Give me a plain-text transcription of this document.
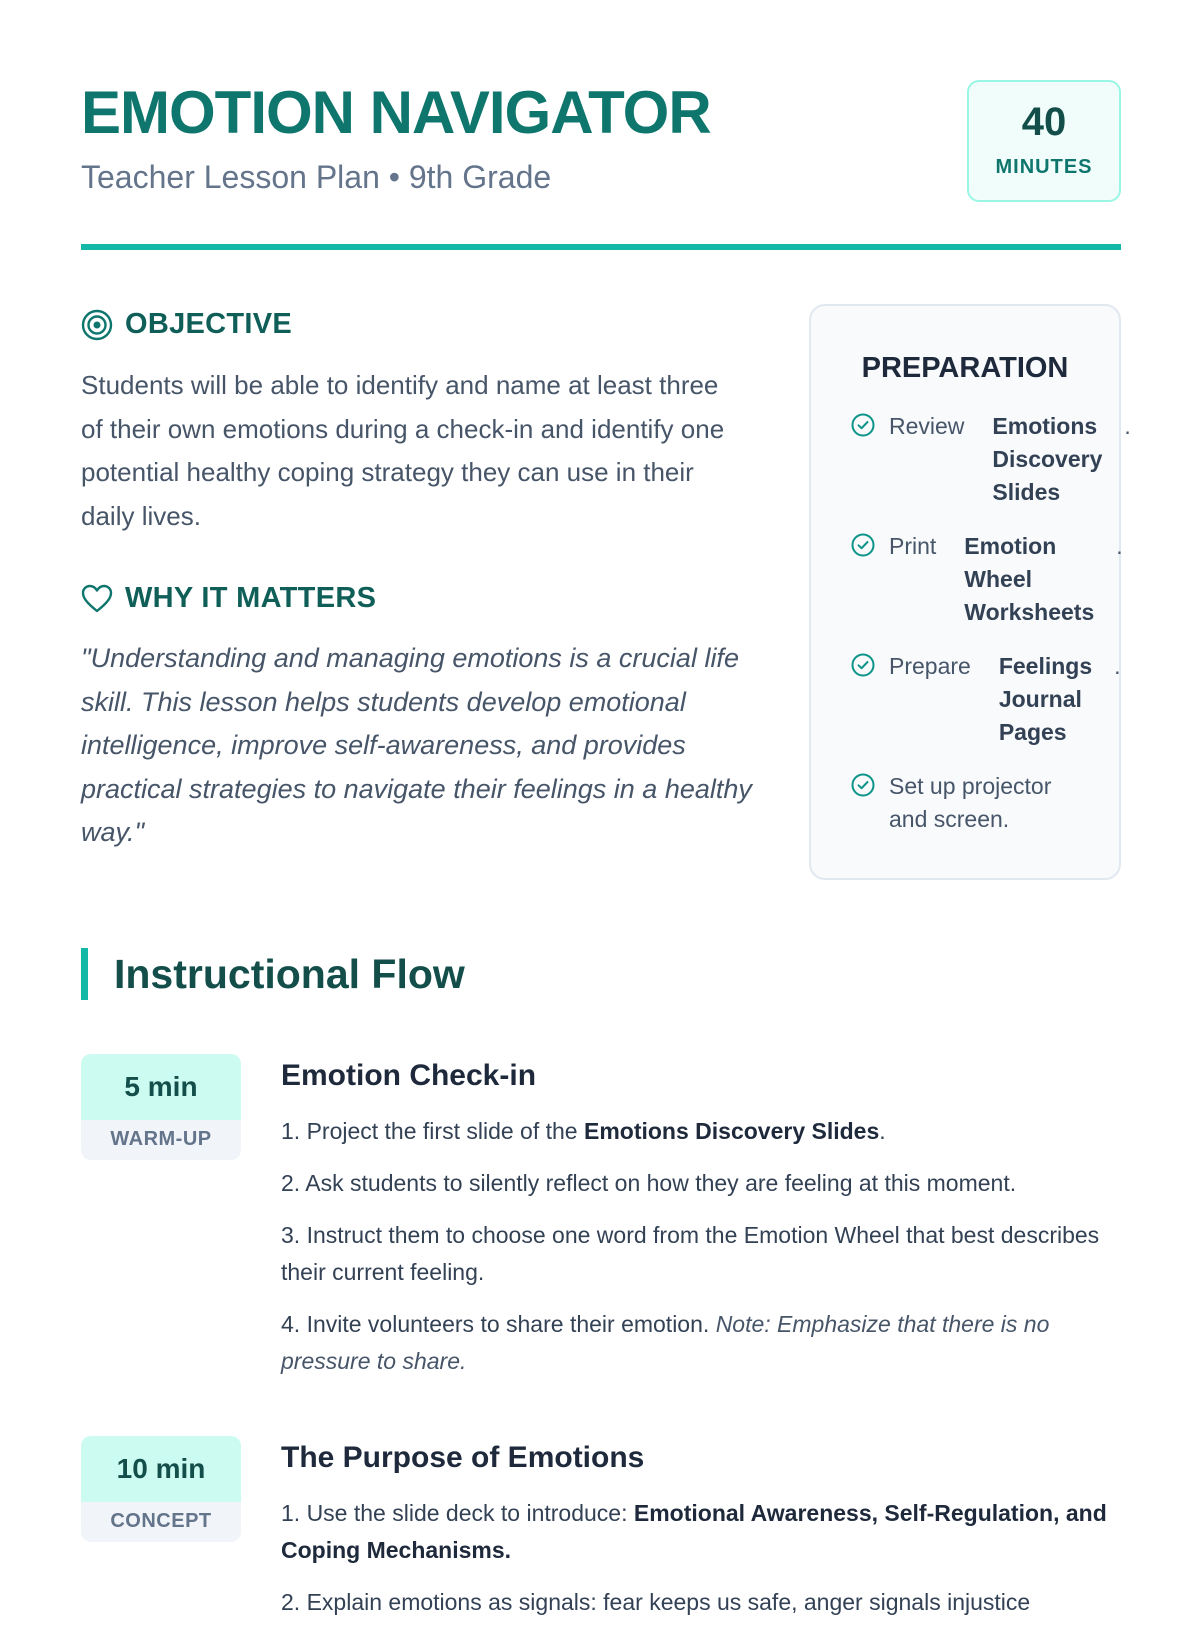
EMOTION NAVIGATOR
Teacher Lesson Plan • 9th Grade
40
MINUTES
OBJECTIVE

Students will be able to identify and name at least three of their own emotions during a check-in and identify one potential healthy coping strategy they can use in their daily lives.

WHY IT MATTERS

"Understanding and managing emotions is a crucial life skill. This lesson helps students develop emotional intelligence, improve self-awareness, and provides practical strategies to navigate their feelings in a healthy way."

PREPARATION
Review Emotions Discovery Slides
.
Print Emotion Wheel Worksheets
.
Prepare Feelings Journal Pages
.
Set up projector and screen.
Instructional Flow
5 min
WARM-UP
Emotion Check-in
1. Project the first slide of the Emotions Discovery Slides.
2. Ask students to silently reflect on how they are feeling at this moment.
3. Instruct them to choose one word from the Emotion Wheel that best describes their current feeling.
4. Invite volunteers to share their emotion. Note: Emphasize that there is no pressure to share.
10 min
CONCEPT
The Purpose of Emotions
1. Use the slide deck to introduce: Emotional Awareness, Self-Regulation, and Coping Mechanisms.
2. Explain emotions as signals: fear keeps us safe, anger signals injustice
